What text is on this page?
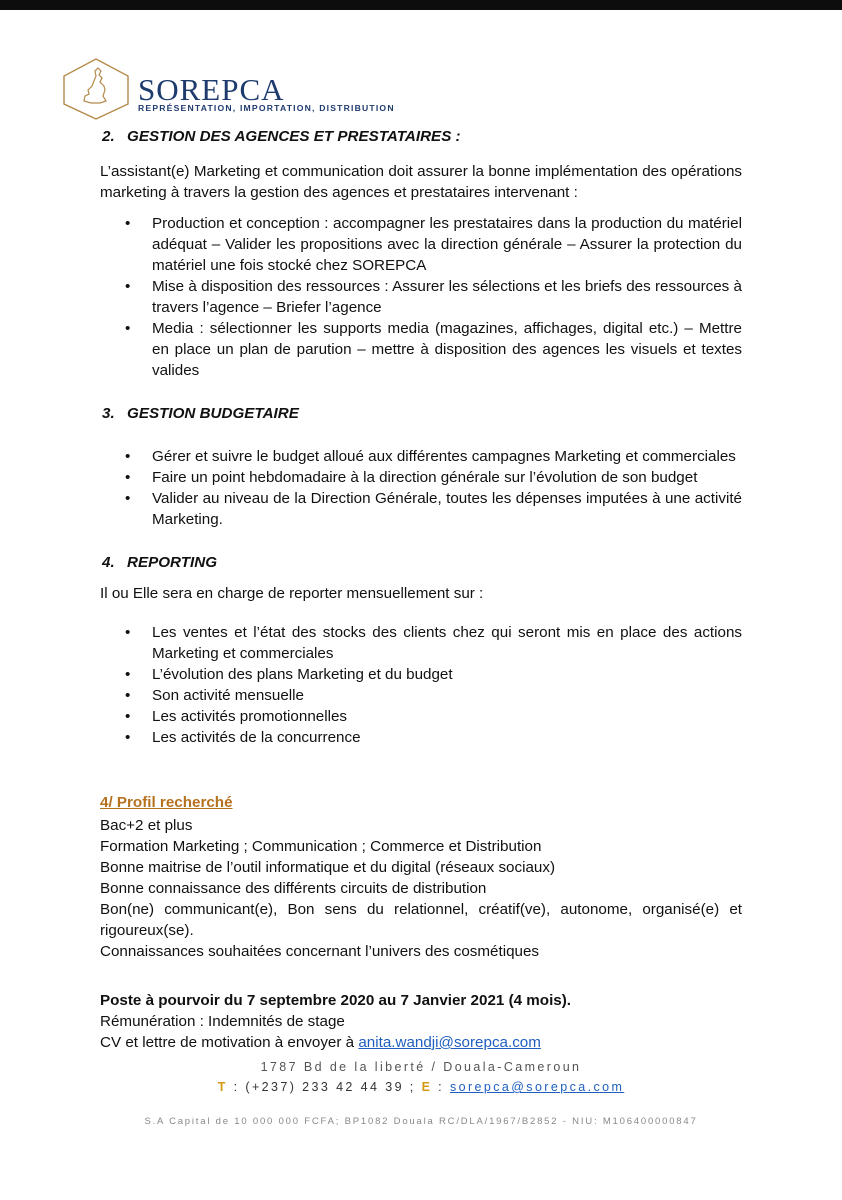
SOREPCA
REPRÉSENTATION, IMPORTATION, DISTRIBUTION

2. GESTION DES AGENCES ET PRESTATAIRES :

L’assistant(e) Marketing et communication doit assurer la bonne implémentation des opérations marketing à travers la gestion des agences et prestataires intervenant :

• Production et conception : accompagner les prestataires dans la production du matériel adéquat – Valider les propositions avec la direction générale – Assurer la protection du matériel une fois stocké chez SOREPCA
• Mise à disposition des ressources : Assurer les sélections et les briefs des ressources à travers l’agence – Briefer l’agence
• Media : sélectionner les supports media (magazines, affichages, digital etc.) – Mettre en place un plan de parution – mettre à disposition des agences les visuels et textes valides

3. GESTION BUDGETAIRE

• Gérer et suivre le budget alloué aux différentes campagnes Marketing et commerciales
• Faire un point hebdomadaire à la direction générale sur l’évolution de son budget
• Valider au niveau de la Direction Générale, toutes les dépenses imputées à une activité Marketing.

4. REPORTING

Il ou Elle sera en charge de reporter mensuellement sur :

• Les ventes et l’état des stocks des clients chez qui seront mis en place des actions Marketing et commerciales
• L’évolution des plans Marketing et du budget
• Son activité mensuelle
• Les activités promotionnelles
• Les activités de la concurrence

4/ Profil recherché

Bac+2 et plus

Formation Marketing ; Communication ; Commerce et Distribution

Bonne maitrise de l’outil informatique et du digital (réseaux sociaux)

Bonne connaissance des différents circuits de distribution

Bon(ne) communicant(e), Bon sens du relationnel, créatif(ve), autonome, organisé(e) et rigoureux(se).

Connaissances souhaitées concernant l’univers des cosmétiques

Poste à pourvoir du 7 septembre 2020 au 7 Janvier 2021 (4 mois).

Rémunération : Indemnités de stage

CV et lettre de motivation à envoyer à anita.wandji@sorepca.com

1787 Bd de la liberté / Douala-Cameroun
T : (+237) 233 42 44 39 ; E : sorepca@sorepca.com
S.A Capital de 10 000 000 FCFA; BP1082 Douala RC/DLA/1967/B2852 - NIU: M106400000847
